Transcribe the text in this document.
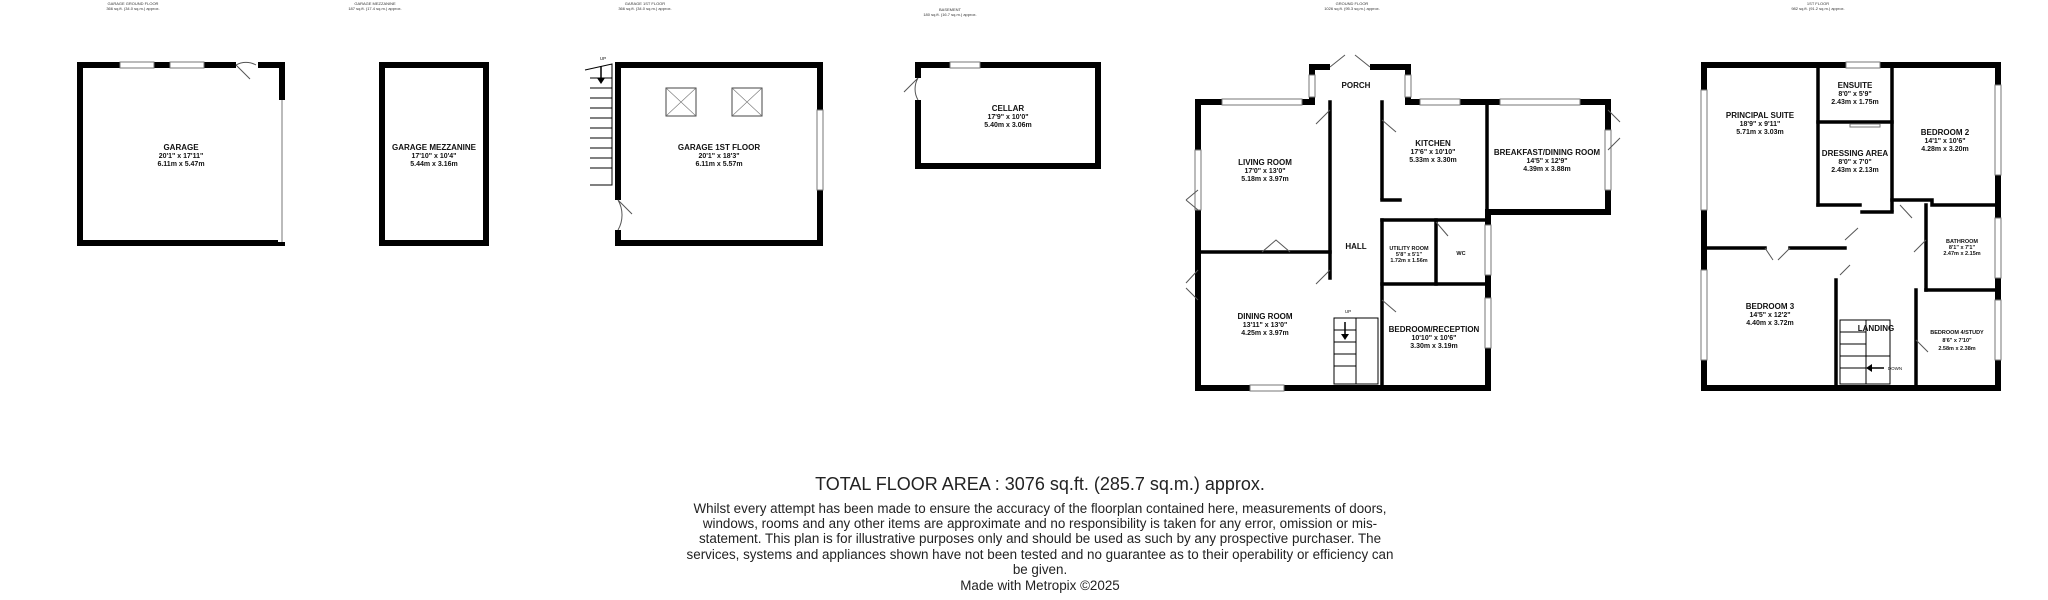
GARAGE GROUND FLOOR
366 sq.ft. (34.0 sq.m.) approx.
GARAGE MEZZANINE
187 sq.ft. (17.4 sq.m.) approx.
GARAGE 1ST FLOOR
366 sq.ft. (34.0 sq.m.) approx.	BASEMENT
180 sq.ft. (16.7 sq.m.) approx.
GROUND FLOOR
1026 sq.ft. (95.3 sq.m.) approx.
1ST FLOOR
982 sq.ft. (91.2 sq.m.) approx.
GARAGE
20'1" x 17'11"
6.11m x 5.47m
GARAGE MEZZANINE
17'10" x 10'4"
5.44m x 3.16m
UP
GARAGE 1ST FLOOR
20'1" x 18'3"
6.11m x 5.57m
CELLAR
17'9" x 10'0"
5.40m x 3.06m
UP
PORCH
LIVING ROOM
17'0" x 13'0"
5.18m x 3.97m
KITCHEN
17'6" x 10'10"
5.33m x 3.30m
BREAKFAST/DINING ROOM
14'5" x 12'9"
4.39m x 3.88m
HALL	UTILITY ROOM
5'8" x 5'1"
1.72m x 1.56m
WC
DINING ROOM
13'11" x 13'0"
4.25m x 3.97m	BEDROOM/RECEPTION
10'10" x 10'6"
3.30m x 3.19m
DOWN
PRINCIPAL SUITE
18'9" x 9'11"
5.71m x 3.03m
ENSUITE
8'0" x 5'9"
2.43m x 1.75m
DRESSING AREA
8'0" x 7'0"
2.43m x 2.13m
BEDROOM 2
14'1" x 10'6"
4.28m x 3.20m
BATHROOM
8'1" x 7'1"
2.47m x 2.15m
BEDROOM 3
14'5" x 12'2"
4.40m x 3.72m
LANDING	BEDROOM 4/STUDY
8'6" x 7'10"
2.58m x 2.38m
TOTAL FLOOR AREA : 3076 sq.ft. (285.7 sq.m.) approx.
Whilst every attempt has been made to ensure the accuracy of the floorplan contained here, measurements of doors, windows, rooms and any other items are approximate and no responsibility is taken for any error, omission or mis-statement. This plan is for illustrative purposes only and should be used as such by any prospective purchaser. The services, systems and appliances shown have not been tested and no guarantee as to their operability or efficiency can be given.
Made with Metropix ©2025
